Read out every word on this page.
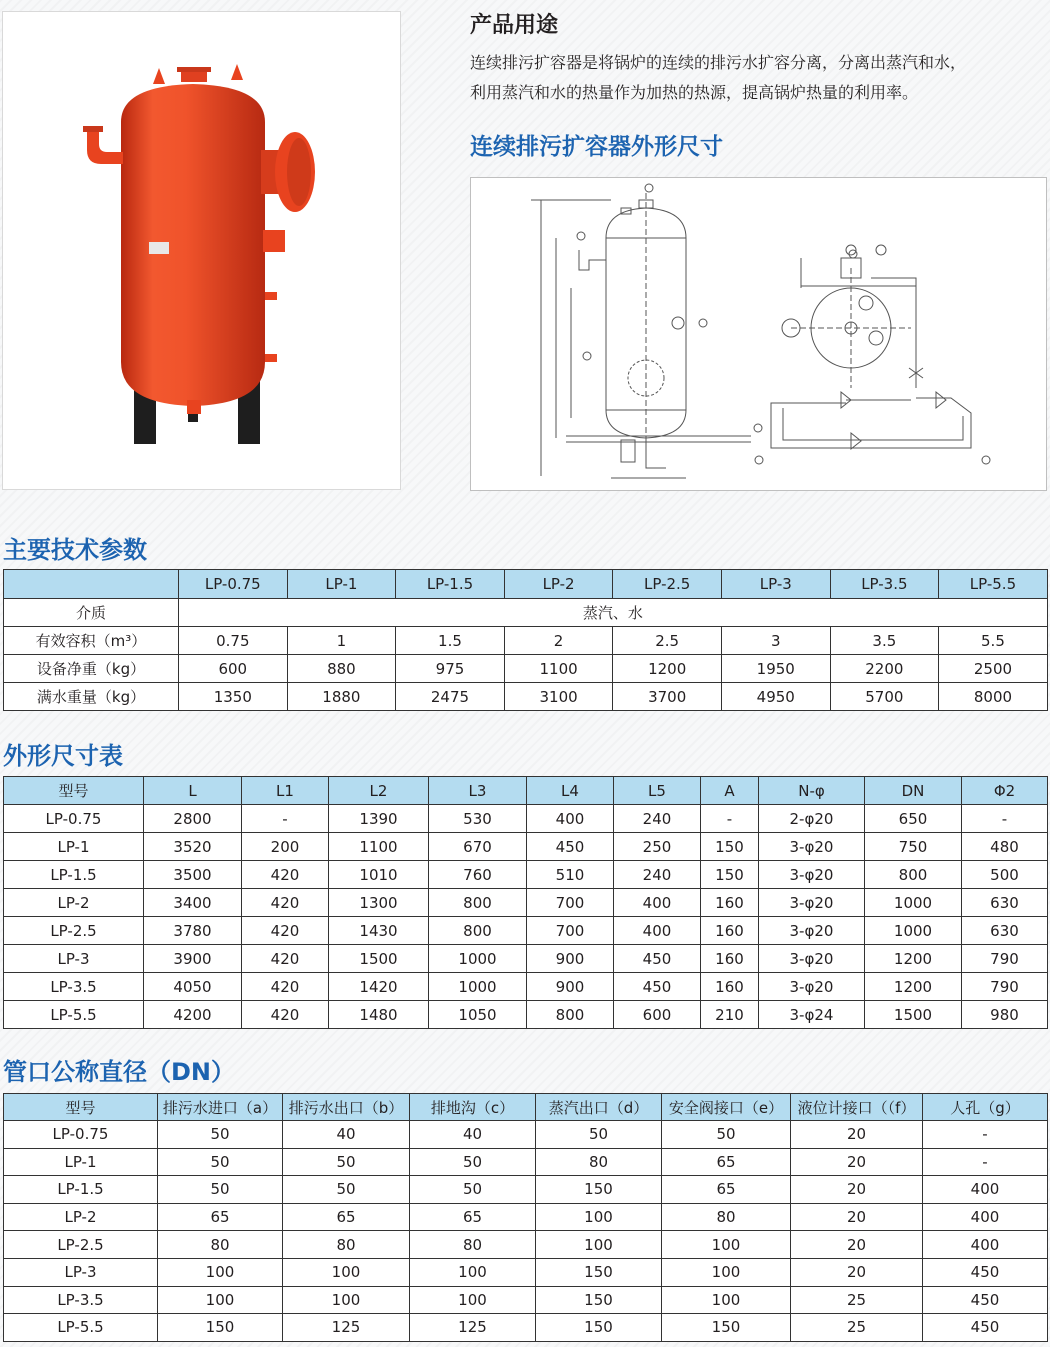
产品用途
连续排污扩容器是将锅炉的连续的排污水扩容分离，分离出蒸汽和水，
利用蒸汽和水的热量作为加热的热源，提高锅炉热量的利用率。
连续排污扩容器外形尺寸
主要技术参数
	LP-0.75	LP-1	LP-1.5	LP-2	LP-2.5	LP-3	LP-3.5	LP-5.5
介质	蒸汽、水							
有效容积（m³）	0.75	1	1.5	2	2.5	3	3.5	5.5
设备净重（kg）	600	880	975	1100	1200	1950	2200	2500
满水重量（kg）	1350	1880	2475	3100	3700	4950	5700	8000
外形尺寸表
型号	L	L1	L2	L3	L4	L5	A	N-φ	DN	Φ2
LP-0.75	2800	-	1390	530	400	240	-	2-φ20	650	-
LP-1	3520	200	1100	670	450	250	150	3-φ20	750	480
LP-1.5	3500	420	1010	760	510	240	150	3-φ20	800	500
LP-2	3400	420	1300	800	700	400	160	3-φ20	1000	630
LP-2.5	3780	420	1430	800	700	400	160	3-φ20	1000	630
LP-3	3900	420	1500	1000	900	450	160	3-φ20	1200	790
LP-3.5	4050	420	1420	1000	900	450	160	3-φ20	1200	790
LP-5.5	4200	420	1480	1050	800	600	210	3-φ24	1500	980
管口公称直径（DN）
型号	排污水进口（a）	排污水出口（b）	排地沟（c）	蒸汽出口（d）	安全阀接口（e）	液位计接口（（f）	人孔（g）
LP-0.75	50	40	40	50	50	20	-
LP-1	50	50	50	80	65	20	-
LP-1.5	50	50	50	150	65	20	400
LP-2	65	65	65	100	80	20	400
LP-2.5	80	80	80	100	100	20	400
LP-3	100	100	100	150	100	20	450
LP-3.5	100	100	100	150	100	25	450
LP-5.5	150	125	125	150	150	25	450
